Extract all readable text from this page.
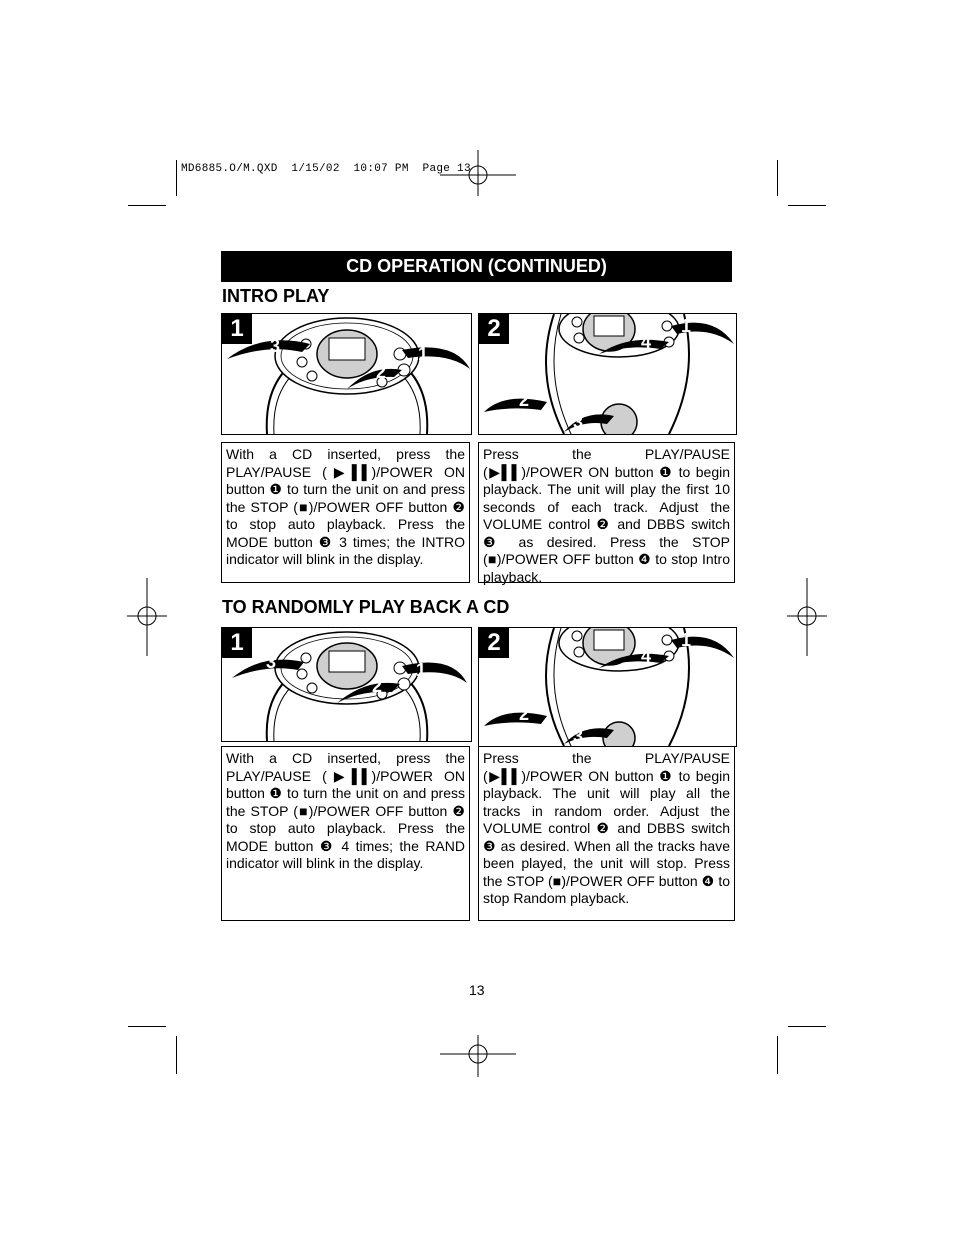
MD6885.O/M.QXD  1/15/02  10:07 PM  Page 13
CD OPERATION (CONTINUED)
INTRO PLAY
1
3	1
2
2	1
4
2
3
With a CD inserted, press the PLAY/PAUSE (▶▌▌)/POWER ON button ❶ to turn the unit on and press the STOP (■)/POWER OFF button ❷ to stop auto playback. Press the MODE button ❸ 3 times; the INTRO indicator will blink in the display.
Press the PLAY/PAUSE (▶▌▌)/POWER ON button ❶ to begin playback. The unit will play the first 10 seconds of each track. Adjust the VOLUME control ❷ and DBBS switch ❸ as desired. Press the STOP (■)/POWER OFF button ❹ to stop Intro playback.
TO RANDOMLY PLAY BACK A CD
1
3	1
2
2	1
4
2
3
With a CD inserted, press the PLAY/PAUSE (▶▌▌)/POWER ON button ❶ to turn the unit on and press the STOP (■)/POWER OFF button ❷ to stop auto playback. Press the MODE button ❸ 4 times; the RAND indicator will blink in the display.
Press the PLAY/PAUSE (▶▌▌)/POWER ON button ❶ to begin playback. The unit will play all the tracks in random order. Adjust the VOLUME control ❷ and DBBS switch ❸ as desired. When all the tracks have been played, the unit will stop. Press the STOP (■)/POWER OFF button ❹ to stop Random playback.
13
